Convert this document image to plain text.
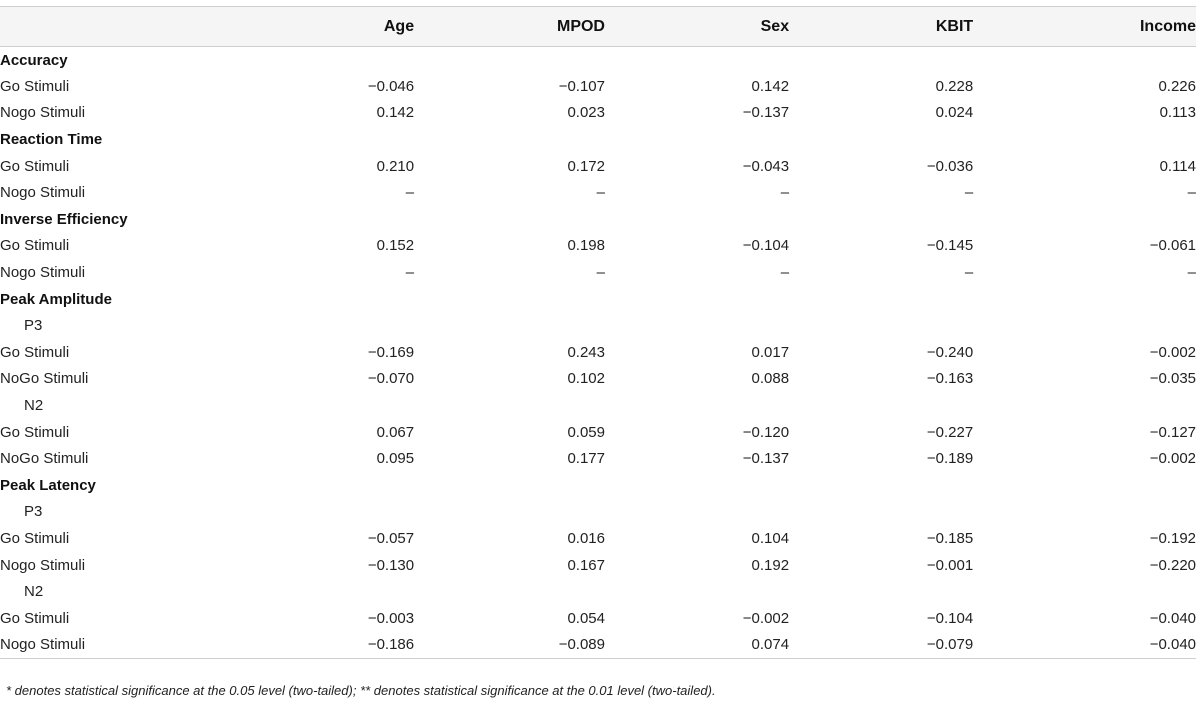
	Age	MPOD	Sex	KBIT	Income
Accuracy					
Go Stimuli	−0.046	−0.107	0.142	0.228	0.226
Nogo Stimuli	0.142	0.023	−0.137	0.024	0.113
Reaction Time					
Go Stimuli	0.210	0.172	−0.043	−0.036	0.114
Nogo Stimuli	–	–	–	–	–
Inverse Efficiency					
Go Stimuli	0.152	0.198	−0.104	−0.145	−0.061
Nogo Stimuli	–	–	–	–	–
Peak Amplitude					
P3					
Go Stimuli	−0.169	0.243	0.017	−0.240	−0.002
NoGo Stimuli	−0.070	0.102	0.088	−0.163	−0.035
N2					
Go Stimuli	0.067	0.059	−0.120	−0.227	−0.127
NoGo Stimuli	0.095	0.177	−0.137	−0.189	−0.002
Peak Latency					
P3					
Go Stimuli	−0.057	0.016	0.104	−0.185	−0.192
Nogo Stimuli	−0.130	0.167	0.192	−0.001	−0.220
N2					
Go Stimuli	−0.003	0.054	−0.002	−0.104	−0.040
Nogo Stimuli	−0.186	−0.089	0.074	−0.079	−0.040
* denotes statistical significance at the 0.05 level (two-tailed); ** denotes statistical significance at the 0.01 level (two-tailed).
